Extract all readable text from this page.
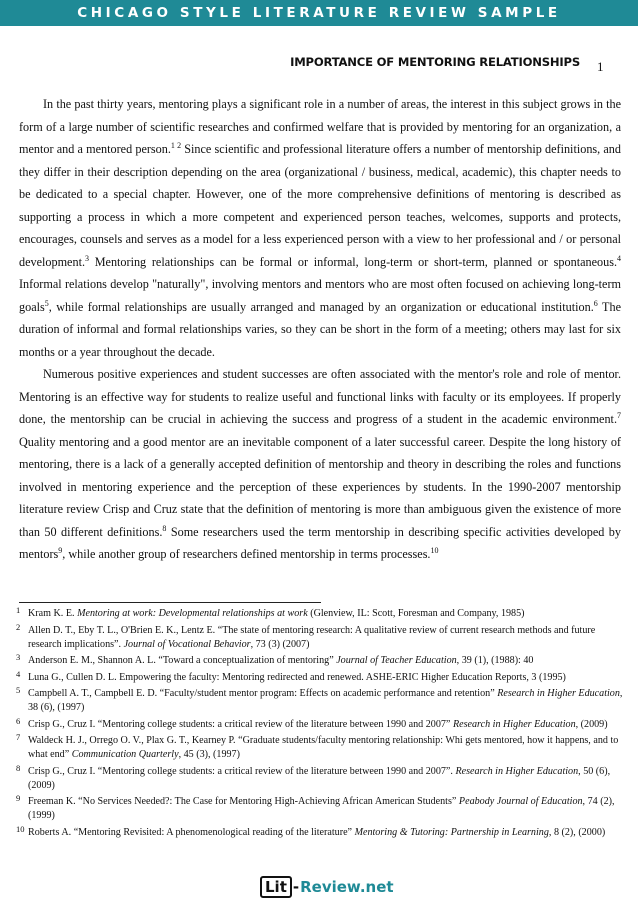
CHICAGO STYLE LITERATURE REVIEW SAMPLE
IMPORTANCE OF MENTORING RELATIONSHIPS 1

In the past thirty years, mentoring plays a significant role in a number of areas, the interest in this subject grows in the form of a large number of scientific researches and confirmed welfare that is provided by mentoring for an organization, a mentor and a mentored person.$^{1 2}$ Since scientific and professional literature offers a number of mentorship definitions, and they differ in their description depending on the area (organizational / business, medical, academic), this chapter needs to be dedicated to a special chapter. However, one of the more comprehensive definitions of mentoring is described as supporting a process in which a more competent and experienced person teaches, welcomes, supports and protects, encourages, counsels and serves as a model for a less experienced person with a view to her professional and / or personal development.$^3$ Mentoring relationships can be formal or informal, long-term or short-term, planned or spontaneous.$^4$ Informal relations develop "naturally", involving mentors and mentors who are most often focused on achieving long-term goals$^5$, while formal relationships are usually arranged and managed by an organization or educational institution.$^6$ The duration of informal and formal relationships varies, so they can be short in the form of a meeting; others may last for six months or a year throughout the decade.

Numerous positive experiences and student successes are often associated with the mentor's role and role of mentor. Mentoring is an effective way for students to realize useful and functional links with faculty or its employees. If properly done, the mentorship can be crucial in achieving the success and progress of a student in the academic environment.$^7$ Quality mentoring and a good mentor are an inevitable component of a later successful career. Despite the long history of mentoring, there is a lack of a generally accepted definition of mentorship and theory in describing the roles and functions involved in mentoring experience and the perception of these experiences by students. In the 1990-2007 mentorship literature review Crisp and Cruz state that the definition of mentoring is more than ambiguous given the existence of more than 50 different definitions.$^8$ Some researchers used the term mentorship in describing specific activities developed by mentors$^9$, while another group of researchers defined mentorship in terms processes.$^{10}$

1 Kram K. E. Mentoring at work: Developmental relationships at work (Glenview, IL: Scott, Foresman and Company, 1985)
2 Allen D. T., Eby T. L., O'Brien E. K., Lentz E. “The state of mentoring research: A qualitative review of current research methods and future research implications”. Journal of Vocational Behavior, 73 (3) (2007)
3 Anderson E. M., Shannon A. L. “Toward a conceptualization of mentoring” Journal of Teacher Education, 39 (1), (1988): 40
4 Luna G., Cullen D. L. Empowering the faculty: Mentoring redirected and renewed. ASHE-ERIC Higher Education Reports, 3 (1995)
5 Campbell A. T., Campbell E. D. “Faculty/student mentor program: Effects on academic performance and retention” Research in Higher Education, 38 (6), (1997)
6 Crisp G., Cruz I. “Mentoring college students: a critical review of the literature between 1990 and 2007” Research in Higher Education, (2009)
7 Waldeck H. J., Orrego O. V., Plax G. T., Kearney P. “Graduate students/faculty mentoring relationship: Whi gets mentored, how it happens, and to what end” Communication Quarterly, 45 (3), (1997)
8 Crisp G., Cruz I. “Mentoring college students: a critical review of the literature between 1990 and 2007”. Research in Higher Education, 50 (6), (2009)
9 Freeman K. “No Services Needed?: The Case for Mentoring High-Achieving African American Students” Peabody Journal of Education, 74 (2), (1999)
10 Roberts A. “Mentoring Revisited: A phenomenological reading of the literature” Mentoring & Tutoring: Partnership in Learning, 8 (2), (2000)
Lit - Review.net
